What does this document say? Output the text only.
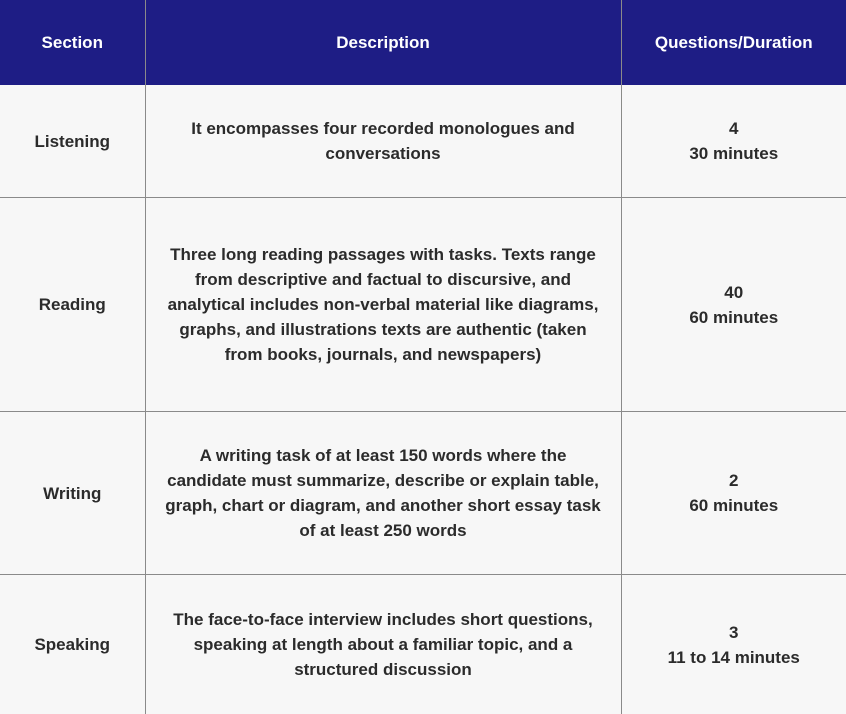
Section	Description	Questions/Duration
Listening	It encompasses four recorded monologues and conversations	4
30 minutes

Reading	Three long reading passages with tasks. Texts range from descriptive and factual to discursive, and analytical includes non-verbal material like diagrams, graphs, and illustrations texts are authentic (taken from books, journals, and newspapers)	40
60 minutes

Writing	A writing task of at least 150 words where the candidate must summarize, describe or explain table, graph, chart or diagram, and another short essay task of at least 250 words	2
60 minutes

Speaking	The face-to-face interview includes short questions, speaking at length about a familiar topic, and a structured discussion	3
11 to 14 minutes
